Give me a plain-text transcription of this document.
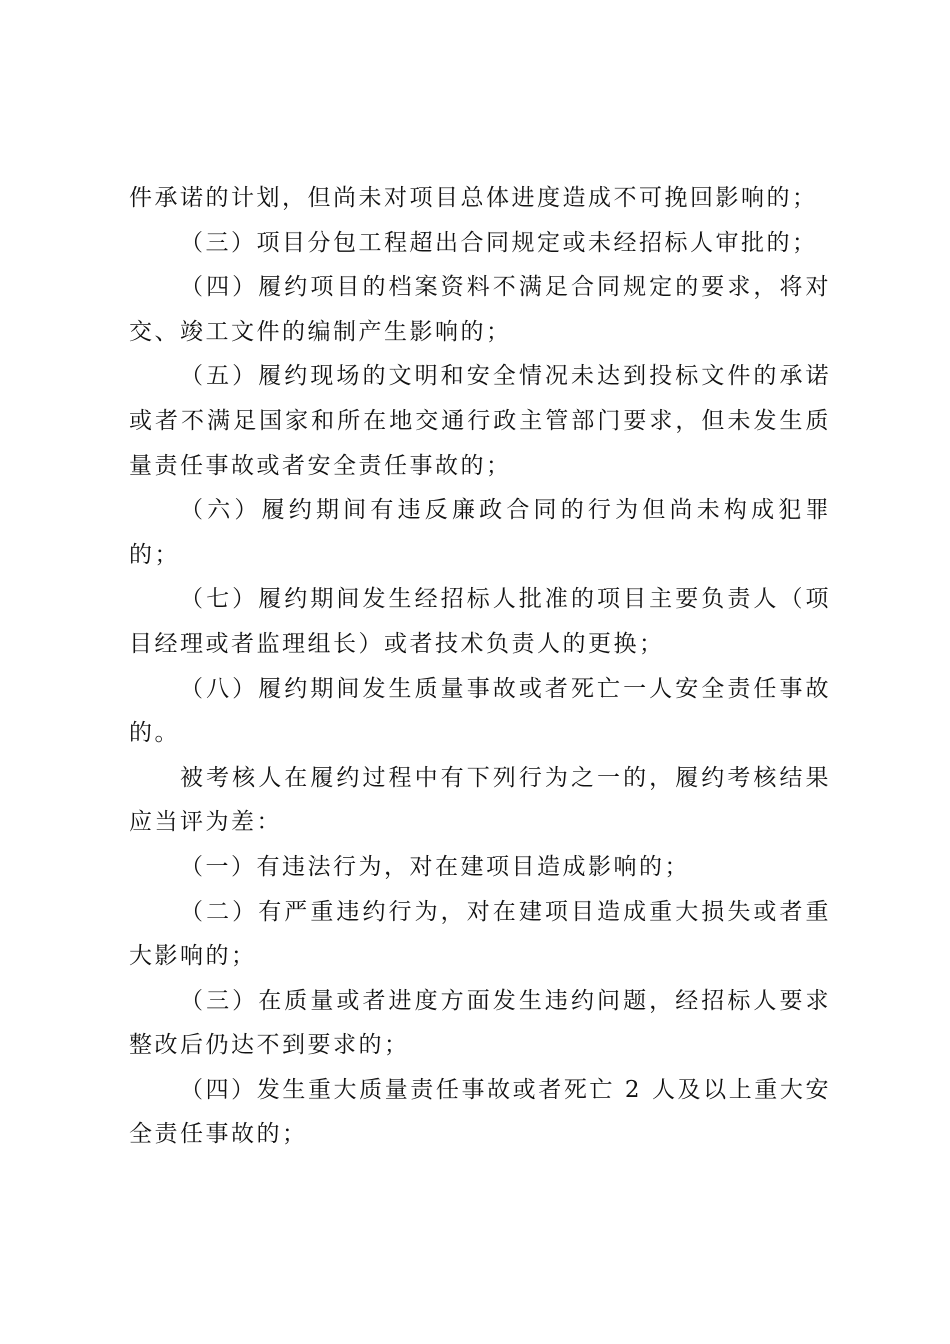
件承诺的计划，但尚未对项目总体进度造成不可挽回影响的；

（三）项目分包工程超出合同规定或未经招标人审批的；

（四）履约项目的档案资料不满足合同规定的要求，将对交、竣工文件的编制产生影响的；

（五）履约现场的文明和安全情况未达到投标文件的承诺或者不满足国家和所在地交通行政主管部门要求，但未发生质量责任事故或者安全责任事故的；

（六）履约期间有违反廉政合同的行为但尚未构成犯罪的；

（七）履约期间发生经招标人批准的项目主要负责人（项目经理或者监理组长）或者技术负责人的更换；

（八）履约期间发生质量事故或者死亡一人安全责任事故的。

被考核人在履约过程中有下列行为之一的，履约考核结果应当评为差：

（一）有违法行为，对在建项目造成影响的；

（二）有严重违约行为，对在建项目造成重大损失或者重大影响的；

（三）在质量或者进度方面发生违约问题，经招标人要求整改后仍达不到要求的；

（四）发生重大质量责任事故或者死亡 2 人及以上重大安全责任事故的；
